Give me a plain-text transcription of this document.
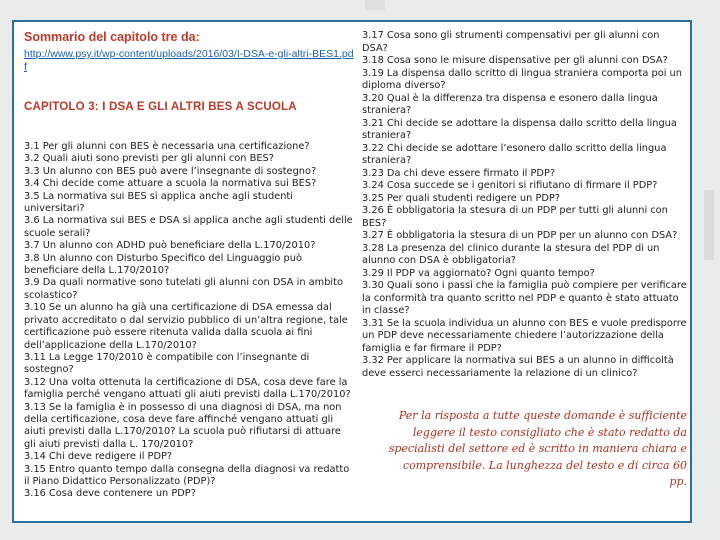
Sommario del capitolo tre da:
http://www.psy.it/wp-content/uploads/2016/03/I-DSA-e-gli-altri-BES1.pdf
CAPITOLO 3: I DSA E GLI ALTRI BES A SCUOLA
3.1 Per gli alunni con BES è necessaria una certificazione?
3.2 Quali aiuti sono previsti per gli alunni con BES?
3.3 Un alunno con BES può avere l’insegnante di sostegno?
3.4 Chi decide come attuare a scuola la normativa sui BES?
3.5 La normativa sui BES si applica anche agli studenti universitari?
3.6 La normativa sui BES e DSA si applica anche agli studenti delle scuole serali?
3.7 Un alunno con ADHD può beneficiare della L.170/2010?
3.8 Un alunno con Disturbo Specifico del Linguaggio può beneficiare della L.170/2010?
3.9 Da quali normative sono tutelati gli alunni con DSA in ambito scolastico?
3.10 Se un alunno ha già una certificazione di DSA emessa dal privato accreditato o dal servizio pubblico di un’altra regione, tale certificazione può essere ritenuta valida dalla scuola ai fini dell’applicazione della L.170/2010?
3.11 La Legge 170/2010 è compatibile con l’insegnante di sostegno?
3.12 Una volta ottenuta la certificazione di DSA, cosa deve fare la famiglia perché vengano attuati gli aiuti previsti dalla L.170/2010?
3.13 Se la famiglia è in possesso di una diagnosi di DSA, ma non della certificazione, cosa deve fare affinché vengano attuati gli aiuti previsti dalla L.170/2010? La scuola può rifiutarsi di attuare gli aiuti previsti dalla L. 170/2010?
3.14 Chi deve redigere il PDP?
3.15 Entro quanto tempo dalla consegna della diagnosi va redatto il Piano Didattico Personalizzato (PDP)?
3.16 Cosa deve contenere un PDP?
3.17 Cosa sono gli strumenti compensativi per gli alunni con DSA?
3.18 Cosa sono le misure dispensative per gli alunni con DSA?
3.19 La dispensa dallo scritto di lingua straniera comporta poi un diploma diverso?
3.20 Qual è la differenza tra dispensa e esonero dalla lingua straniera?
3.21 Chi decide se adottare la dispensa dallo scritto della lingua straniera?
3.22 Chi decide se adottare l’esonero dallo scritto della lingua straniera?
3.23 Da chi deve essere firmato il PDP?
3.24 Cosa succede se i genitori si rifiutano di firmare il PDP?
3.25 Per quali studenti redigere un PDP?
3.26 È obbligatoria la stesura di un PDP per tutti gli alunni con BES?
3.27 È obbligatoria la stesura di un PDP per un alunno con DSA?
3.28 La presenza del clinico durante la stesura del PDP di un alunno con DSA è obbligatoria?
3.29 Il PDP va aggiornato? Ogni quanto tempo?
3.30 Quali sono i passi che la famiglia può compiere per verificare la conformità tra quanto scritto nel PDP e quanto è stato attuato in classe?
3.31 Se la scuola individua un alunno con BES e vuole predisporre un PDP deve necessariamente chiedere l’autorizzazione della famiglia e far firmare il PDP?
3.32 Per applicare la normativa sui BES a un alunno in difficoltà deve esserci necessariamente la relazione di un clinico?
Per la risposta a tutte queste domande è sufficiente leggere il testo consigliato che è stato redatto da specialisti del settore ed è scritto in maniera chiara e comprensibile. La lunghezza del testo e di circa 60 pp.
